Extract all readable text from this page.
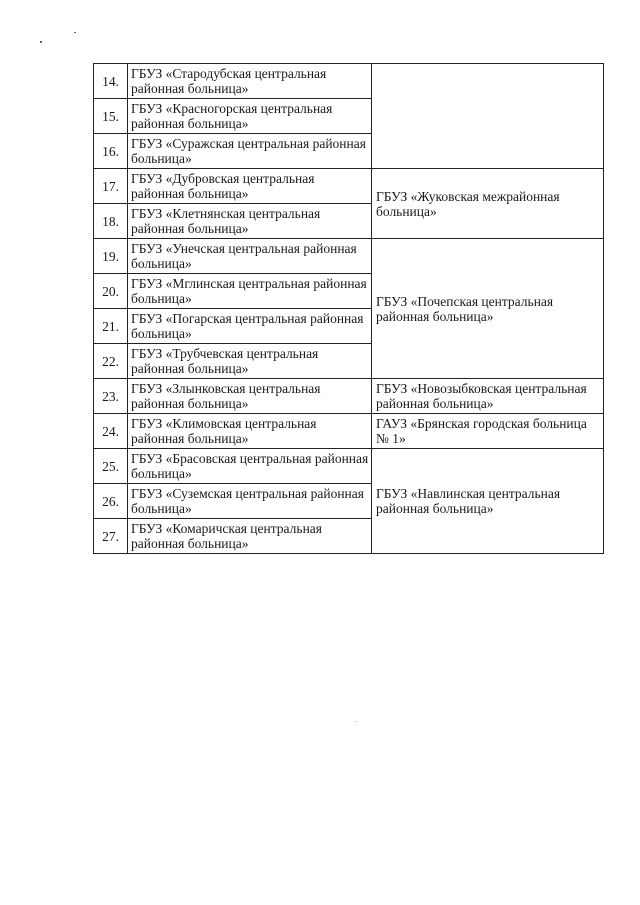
14.	ГБУЗ «Стародубская центральная районная больница»	
15.	ГБУЗ «Красногорская центральная районная больница»	
16.	ГБУЗ «Суражская центральная районная больница»	
17.	ГБУЗ «Дубровская центральная районная больница»	ГБУЗ «Жуковская межрайонная больница»
18.	ГБУЗ «Клетнянская центральная районная больница»	
19.	ГБУЗ «Унечская центральная районная больница»	ГБУЗ «Почепская центральная районная больница»
20.	ГБУЗ «Мглинская центральная районная больница»	
21.	ГБУЗ «Погарская центральная районная больница»	
22.	ГБУЗ «Трубчевская центральная районная больница»	
23.	ГБУЗ «Злынковская центральная районная больница»	ГБУЗ «Новозыбковская центральная районная больница»
24.	ГБУЗ «Климовская центральная районная больница»	ГАУЗ «Брянская городская больница № 1»
25.	ГБУЗ «Брасовская центральная районная больница»	ГБУЗ «Навлинская центральная районная больница»
26.	ГБУЗ «Суземская центральная районная больница»	
27.	ГБУЗ «Комаричская центральная районная больница»	
